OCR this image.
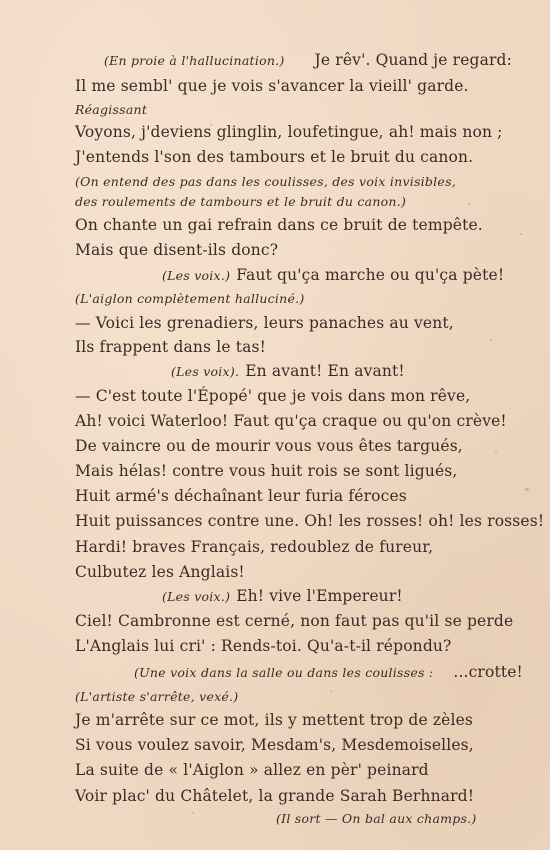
(En proie à l'hallucination.) Je rêv'. Quand je regard:
Il me sembl' que je vois s'avancer la vieill' garde.
Réagissant
Voyons, j'deviens glinglin, loufetingue, ah! mais non ;
J'entends l'son des tambours et le bruit du canon.
(On entend des pas dans les coulisses, des voix invisibles,
des roulements de tambours et le bruit du canon.)
On chante un gai refrain dans ce bruit de tempête.
Mais que disent-ils donc?
(Les voix.) Faut qu'ça marche ou qu'ça pète!
(L'aiglon complètement halluciné.)
— Voici les grenadiers, leurs panaches au vent,
Ils frappent dans le tas!
(Les voix). En avant! En avant!
— C'est toute l'Épopé' que je vois dans mon rêve,
Ah! voici Waterloo! Faut qu'ça craque ou qu'on crève!
De vaincre ou de mourir vous vous êtes targués,
Mais hélas! contre vous huit rois se sont ligués,
Huit armé's déchaînant leur furia féroces
Huit puissances contre une. Oh! les rosses! oh! les rosses!
Hardi! braves Français, redoublez de fureur,
Culbutez les Anglais!
(Les voix.) Eh! vive l'Empereur!
Ciel! Cambronne est cerné, non faut pas qu'il se perde
L'Anglais lui cri' : Rends-toi. Qu'a-t-il répondu?
(Une voix dans la salle ou dans les coulisses : ...crotte!
(L'artiste s'arrête, vexé.)
Je m'arrête sur ce mot, ils y mettent trop de zèles
Si vous voulez savoir, Mesdam's, Mesdemoiselles,
La suite de « l'Aiglon » allez en pèr' peinard
Voir plac' du Châtelet, la grande Sarah Berhnard!
(Il sort — On bal aux champs.)
